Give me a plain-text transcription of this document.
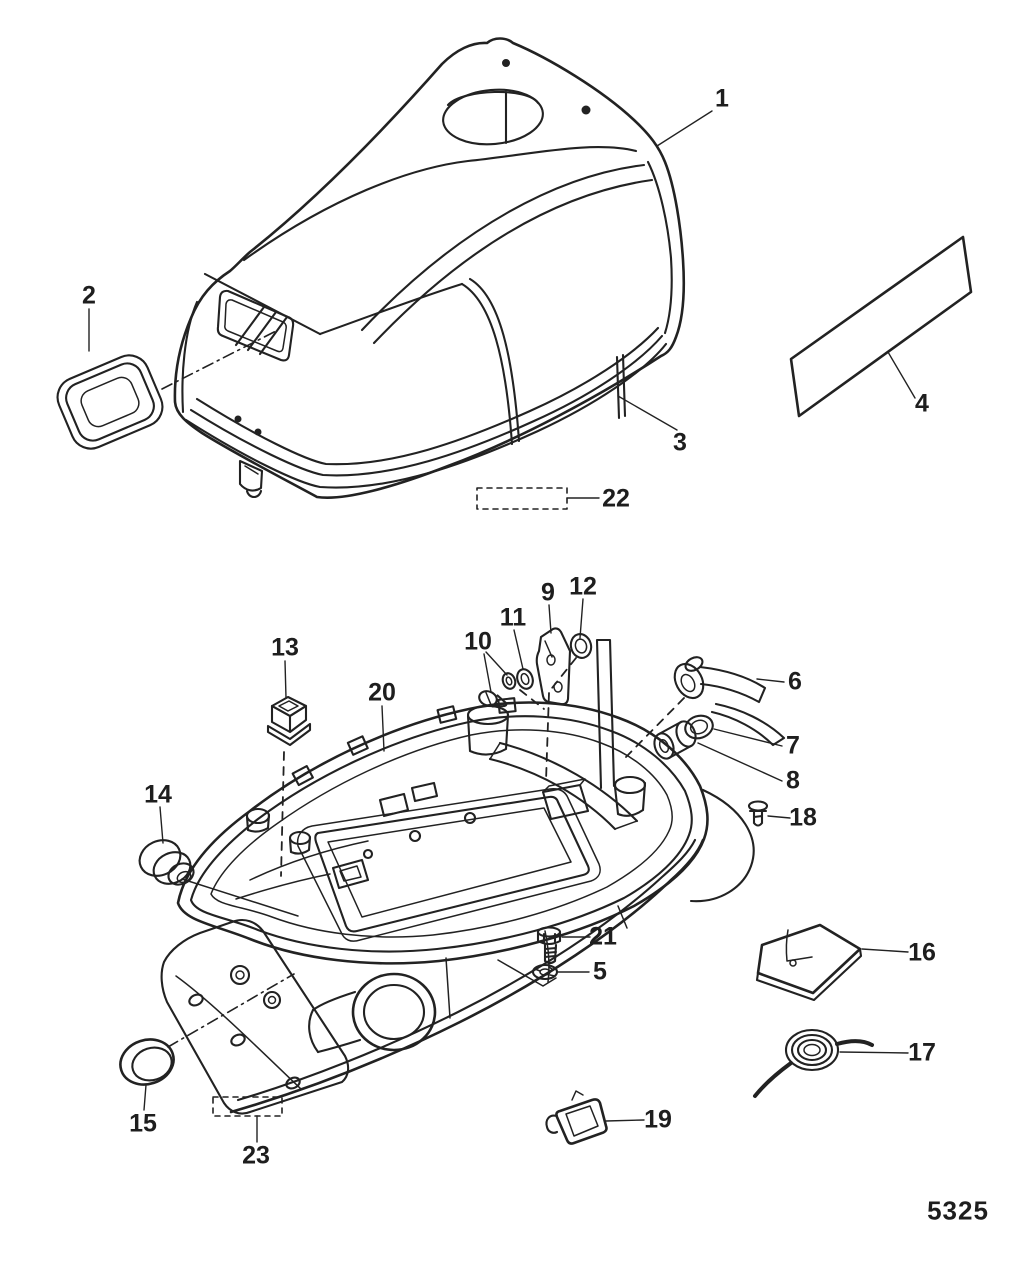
1
2
3
4
5
6
7
8
9
10
11
12
13
14
15
16
17
18
19
20
21
22
23
5325
